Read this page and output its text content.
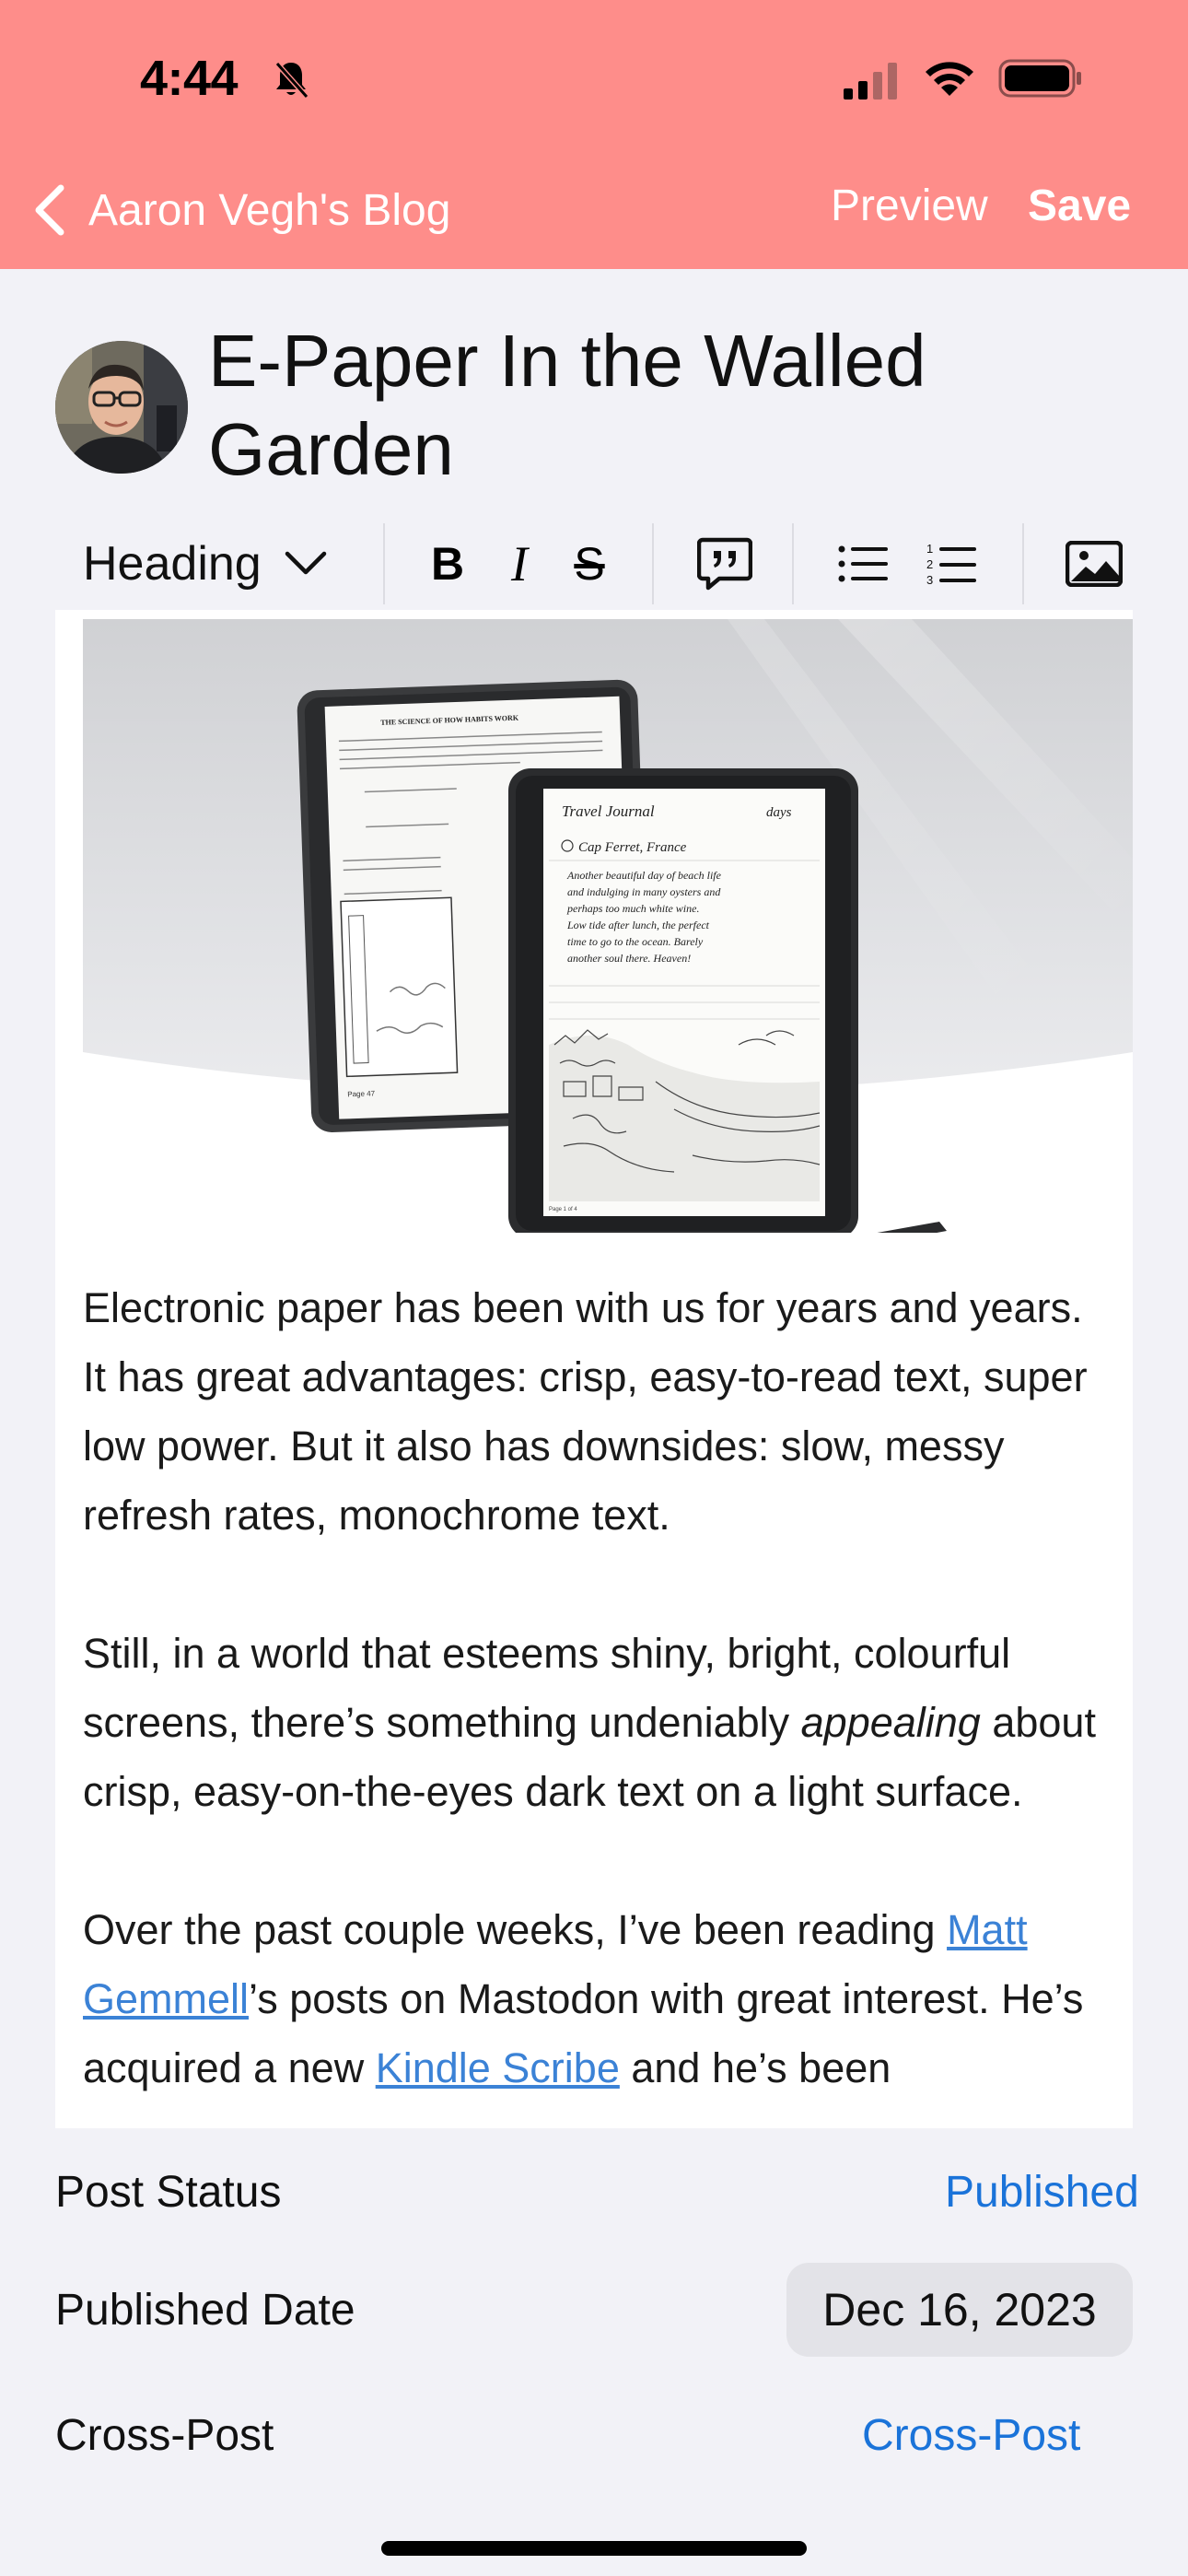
4:44
Aaron Vegh's Blog	Preview Save
E-Paper In the Walled Garden
Heading	B I	S	1
2
3
THE SCIENCE OF HOW HABITS WORK
Page 47
Travel Journal	days
Cap Ferret, France
Another beautiful day of beach life
and indulging in many oysters and
perhaps too much white wine.
Low tide after lunch, the perfect
time to go to the ocean. Barely
another soul there. Heaven!
Page 1 of 4

Electronic paper has been with us for years and years. It has great advantages: crisp, easy-to-read text, super low power. But it also has downsides: slow, messy refresh rates, monochrome text.

Still, in a world that esteems shiny, bright, colourful screens, there’s something undeniably appealing about crisp, easy-on-the-eyes dark text on a light surface.

Over the past couple weeks, I’ve been reading Matt Gemmell’s posts on Mastodon with great interest. He’s acquired a new Kindle Scribe and he’s been

Post Status	Published
Published Date	Dec 16, 2023
Cross-Post	Cross-Post
